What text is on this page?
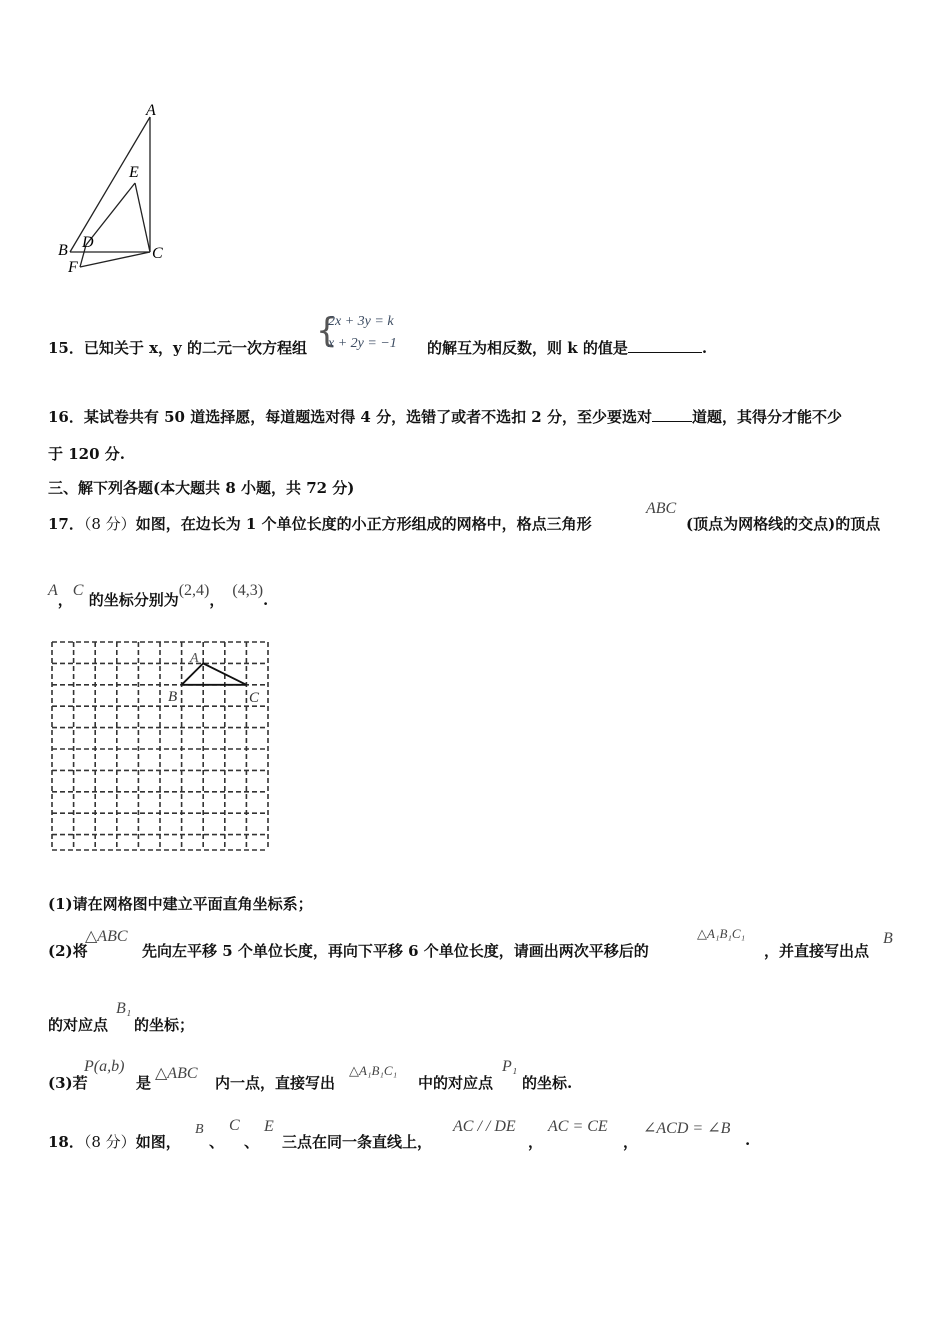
A
E
B D
C
F
15．已知关于 x，y 的二元一次方程组 {
2x + 3y = k
x + 2y = −1 的解互为相反数，则 k 的值是	.
16．某试卷共有 50 道选择愿，每道题选对得 4 分，选错了或者不选扣 2 分，至少要选对	道题，其得分才能不少
于 120 分.
三、解下列各题(本大题共 8 小题，共 72 分)
17．（8 分）如图，在边长为 1 个单位长度的小正方形组成的网格中，格点三角形
ABC
(顶点为网格线的交点)的顶点
A，C 的坐标分别为(2,4)，(4,3).
A
B	C
(1)请在网格图中建立平面直角坐标系；
(2)将
△ABC
先向左平移 5 个单位长度，再向下平移 6 个单位长度，请画出两次平移后的
△A₁B₁C₁
，并直接写出点
B
的对应点
B₁
的坐标；
(3)若
P(a,b)
是
△ABC
内一点，直接写出
△A₁B₁C₁
中的对应点
P₁
的坐标.
18．（8 分）如图，
B
、
C
、
E
三点在同一条直线上，
AC / / DE
，
AC = CE
，
∠ACD = ∠B
.
